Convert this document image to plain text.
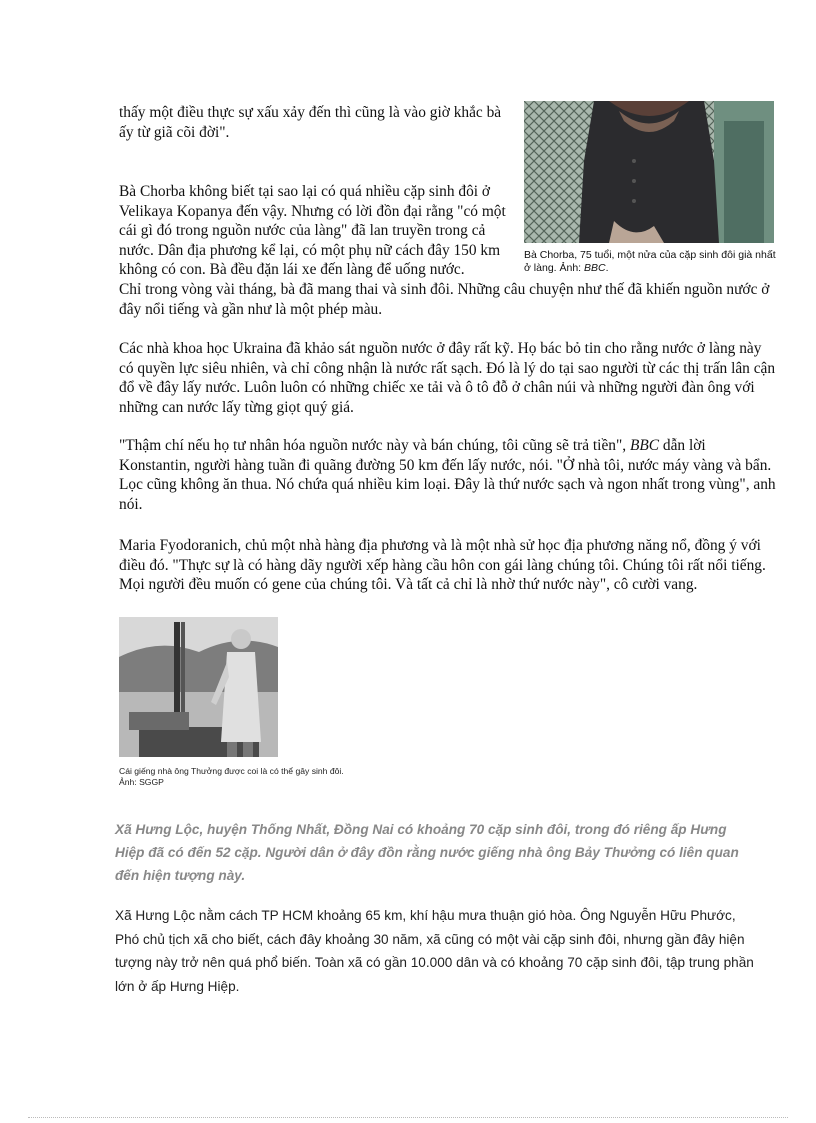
thấy một điều thực sự xấu xảy đến thì cũng là vào giờ khắc bà ấy từ giã cõi đời".
Bà Chorba, 75 tuổi, một nửa của cặp sinh đôi già nhất ở làng. Ảnh: BBC.
Bà Chorba không biết tại sao lại có quá nhiều cặp sinh đôi ở Velikaya Kopanya đến vậy. Nhưng có lời đồn đại rằng "có một cái gì đó trong nguồn nước của làng" đã lan truyền trong cả nước. Dân địa phương kể lại, có một phụ nữ cách đây 150 km không có con. Bà đều đặn lái xe đến làng để uống nước.
Chỉ trong vòng vài tháng, bà đã mang thai và sinh đôi. Những câu chuyện như thế đã khiến nguồn nước ở đây nổi tiếng và gần như là một phép màu.
Các nhà khoa học Ukraina đã khảo sát nguồn nước ở đây rất kỹ. Họ bác bỏ tin cho rằng nước ở làng này có quyền lực siêu nhiên, và chỉ công nhận là nước rất sạch. Đó là lý do tại sao người từ các thị trấn lân cận đổ về đây lấy nước. Luôn luôn có những chiếc xe tải và ô tô đỗ ở chân núi và những người đàn ông với những can nước lấy từng giọt quý giá.
"Thậm chí nếu họ tư nhân hóa nguồn nước này và bán chúng, tôi cũng sẽ trả tiền", BBC dẫn lời Konstantin, người hàng tuần đi quãng đường 50 km đến lấy nước, nói. "Ở nhà tôi, nước máy vàng và bẩn. Lọc cũng không ăn thua. Nó chứa quá nhiều kim loại. Đây là thứ nước sạch và ngon nhất trong vùng", anh nói.
Maria Fyodoranich, chủ một nhà hàng địa phương và là một nhà sử học địa phương năng nổ, đồng ý với điều đó. "Thực sự là có hàng dãy người xếp hàng cầu hôn con gái làng chúng tôi. Chúng tôi rất nổi tiếng. Mọi người đều muốn có gene của chúng tôi. Và tất cả chỉ là nhờ thứ nước này", cô cười vang.
Cái giếng nhà ông Thưởng được coi là có thể gây sinh đôi. Ảnh: SGGP
Xã Hưng Lộc, huyện Thống Nhất, Đồng Nai có khoảng 70 cặp sinh đôi, trong đó riêng ấp Hưng Hiệp đã có đến 52 cặp. Người dân ở đây đồn rằng nước giếng nhà ông Bảy Thưởng có liên quan đến hiện tượng này.
Xã Hưng Lộc nằm cách TP HCM khoảng 65 km, khí hậu mưa thuận gió hòa. Ông Nguyễn Hữu Phước, Phó chủ tịch xã cho biết, cách đây khoảng 30 năm, xã cũng có một vài cặp sinh đôi, nhưng gần đây hiện tượng này trở nên quá phổ biến. Toàn xã có gần 10.000 dân và có khoảng 70 cặp sinh đôi, tập trung phần lớn ở ấp Hưng Hiệp.
